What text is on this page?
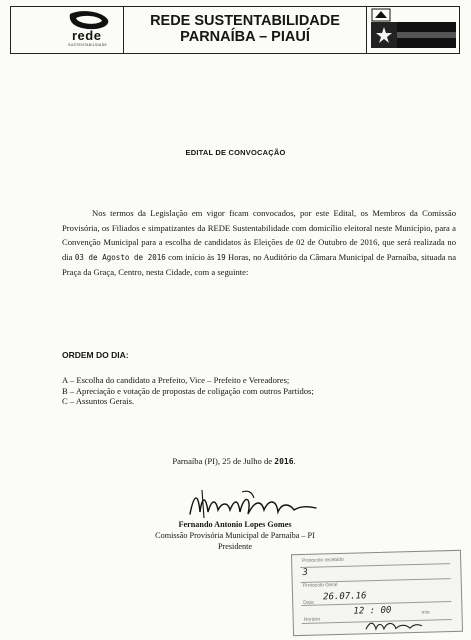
rede
SUSTENTABILIDADE
REDE SUSTENTABILIDADE
PARNAÍBA – PIAUÍ
EDITAL DE CONVOCAÇÃO

Nos termos da Legislação em vigor ficam convocados, por este Edital, os Membros da Comissão Provisória, os Filiados e simpatizantes da REDE Sustentabilidade com domicílio eleitoral neste Município, para a Convenção Municipal para a escolha de candidatos às Eleições de 02 de Outubro de 2016, que será realizada no dia 03 de Agosto de 2016 com início às 19 Horas, no Auditório da Câmara Municipal de Parnaíba, situada na Praça da Graça, Centro, nesta Cidade, com a seguinte:

ORDEM DO DIA:
A – Escolha do candidato a Prefeito, Vice – Prefeito e Vereadores;
B – Apreciação e votação de propostas de coligação com outros Partidos;
C – Assuntos Gerais.
Parnaíba (PI), 25 de Julho de 2016.
Fernando Antonio Lopes Gomes
Comissão Provisória Municipal de Parnaíba – PI
Presidente
Protocolo recebido
3
Protocolo Geral
Data
26.07.16
Horário
12 : 00	min
